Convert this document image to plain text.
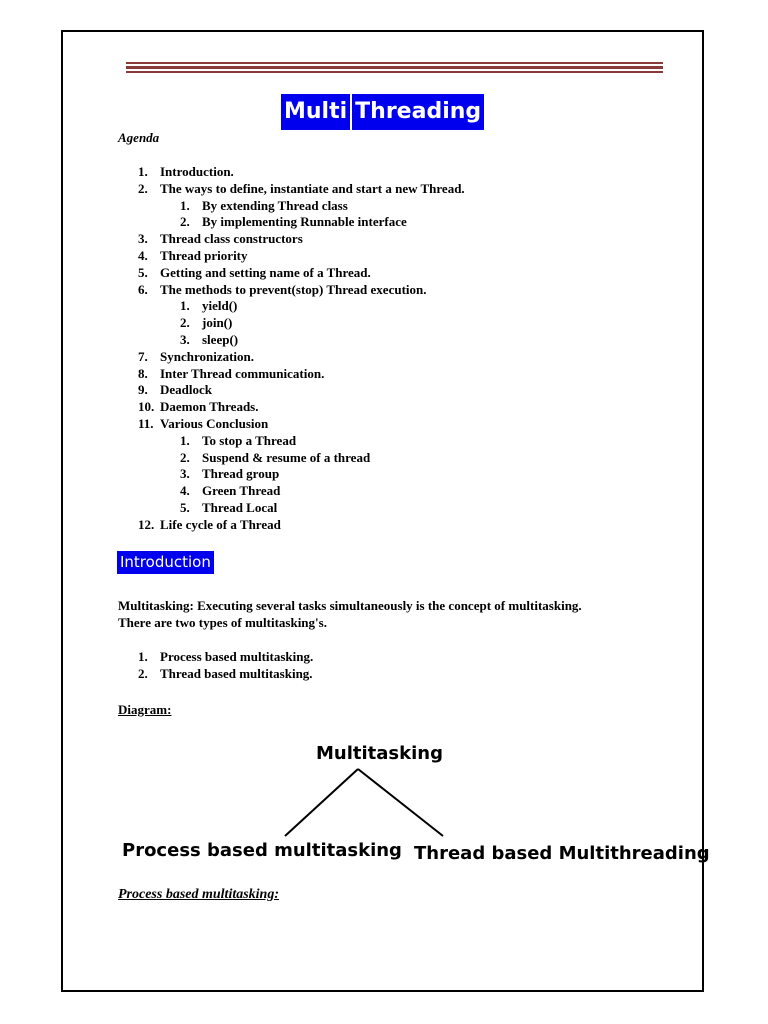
Multi Threading
Agenda
1. Introduction.
2. The ways to define, instantiate and start a new Thread.
1. By extending Thread class
2. By implementing Runnable interface
3. Thread class constructors
4. Thread priority
5. Getting and setting name of a Thread.
6. The methods to prevent(stop) Thread execution.
1. yield()
2. join()
3. sleep()
7. Synchronization.
8. Inter Thread communication.
9. Deadlock
10. Daemon Threads.
11. Various Conclusion
1. To stop a Thread
2. Suspend & resume of a thread
3. Thread group
4. Green Thread
5. Thread Local
12. Life cycle of a Thread
Introduction
Multitasking: Executing several tasks simultaneously is the concept of multitasking.
There are two types of multitasking's.
1. Process based multitasking.
2. Thread based multitasking.
Diagram:
Multitasking
Process based multitasking Thread based Multithreading
Process based multitasking:
